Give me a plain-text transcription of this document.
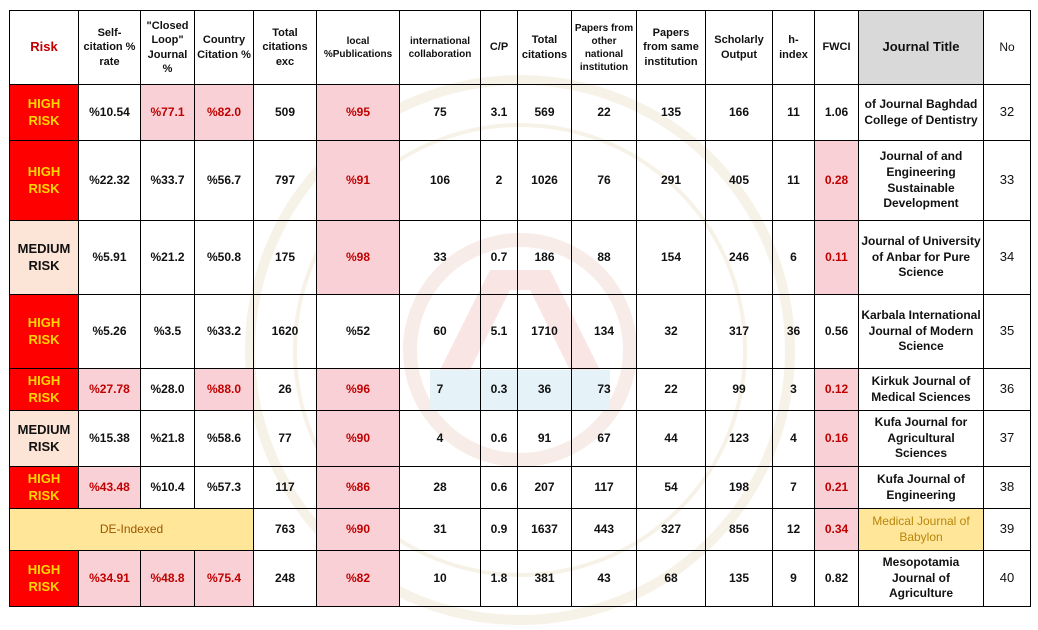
Risk	Self-citation % rate	"Closed Loop" Journal %	Country Citation %	Total citations exc	local %Publications	international collaboration	C/P	Total citations	Papers from other national institution	Papers from same institution	Scholarly Output	h-index	FWCI	Journal Title	No
HIGH RISK	%10.54	%77.1	%82.0	509	%95	75	3.1	569	22	135	166	11	1.06	of Journal Baghdad College of Dentistry	32
HIGH RISK	%22.32	%33.7	%56.7	797	%91	106	2	1026	76	291	405	11	0.28	Journal of and Engineering Sustainable Development	33
MEDIUM RISK	%5.91	%21.2	%50.8	175	%98	33	0.7	186	88	154	246	6	0.11	Journal of University of Anbar for Pure Science	34
HIGH RISK	%5.26	%3.5	%33.2	1620	%52	60	5.1	1710	134	32	317	36	0.56	Karbala International Journal of Modern Science	35
HIGH RISK	%27.78	%28.0	%88.0	26	%96	7	0.3	36	73	22	99	3	0.12	Kirkuk Journal of Medical Sciences	36
MEDIUM RISK	%15.38	%21.8	%58.6	77	%90	4	0.6	91	67	44	123	4	0.16	Kufa Journal for Agricultural Sciences	37
HIGH RISK	%43.48	%10.4	%57.3	117	%86	28	0.6	207	117	54	198	7	0.21	Kufa Journal of Engineering	38
DE-Indexed				763	%90	31	0.9	1637	443	327	856	12	0.34	Medical Journal of Babylon	39
HIGH RISK	%34.91	%48.8	%75.4	248	%82	10	1.8	381	43	68	135	9	0.82	Mesopotamia Journal of Agriculture	40
